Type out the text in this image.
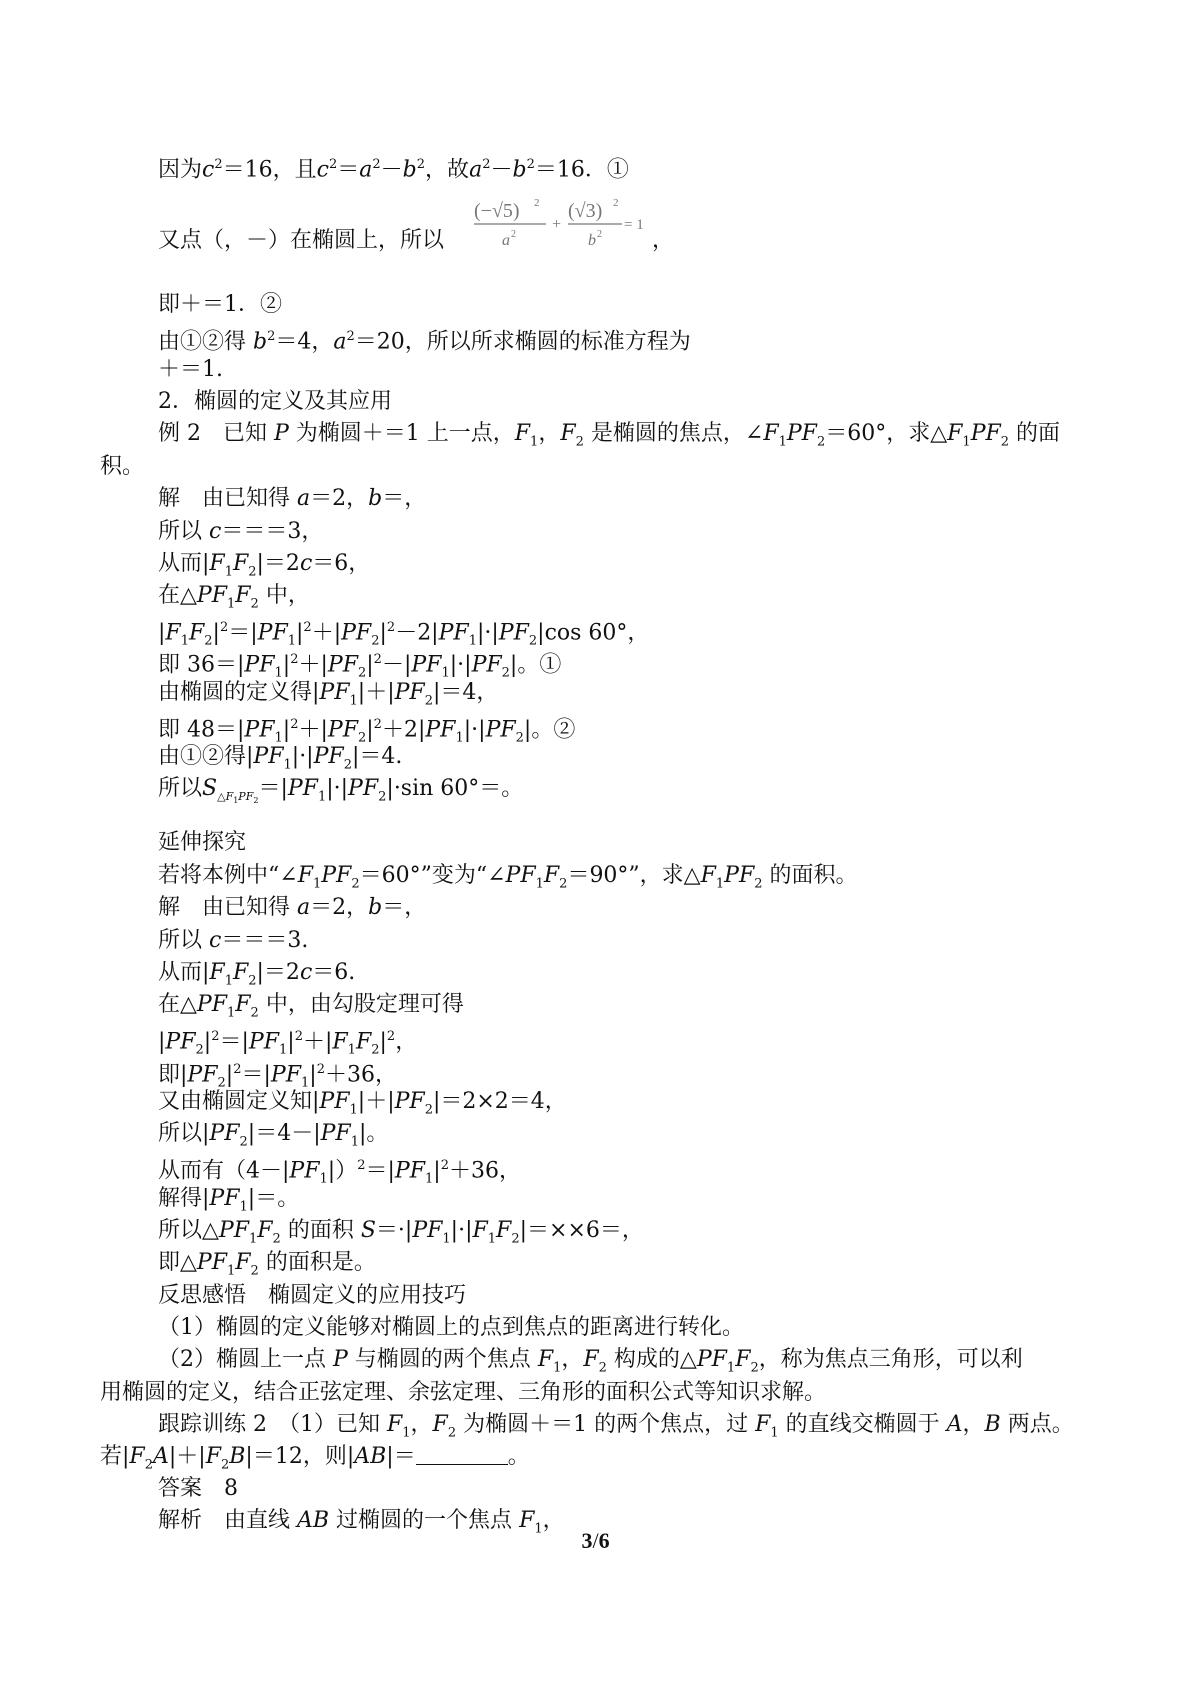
因为$c^2=16$，且$c^2=a^2-b^2$，故$a^2-b^2=16$．①
又点（，－）在椭圆上，所以
(−√5) 2
a 2
+
(√3) 2
b 2
= 1
，
即＋＝1．②
由①②得 $b^2=4$，$a^2=20$，所以所求椭圆的标准方程为
＋＝1.
2．椭圆的定义及其应用
例 2　已知 P 为椭圆＋＝1 上一点，$F_1$，$F_2$ 是椭圆的焦点，$\angle F_1PF_2=60^\circ$，求$\triangle F_1PF_2$ 的面
积。
解　由已知得 a＝2，b＝，
所以 c＝＝＝3，
从而$|F_1F_2|=2c=6$，
在$\triangle PF_1F_2$ 中，
$|F_1F_2|^2=|PF_1|^2+|PF_2|^2-2|PF_1|\cdot|PF_2|\cos$ 60°，
即 $36=|PF_1|^2+|PF_2|^2-|PF_1|\cdot|PF_2|$。①
由椭圆的定义得$|PF_1|+|PF_2|=4$，
即 $48=|PF_1|^2+|PF_2|^2+2|PF_1|\cdot|PF_2|$。②
由①②得$|PF_1|\cdot|PF_2|=4$.
所以$S_{\triangle F_1PF_2}=|PF_1|\cdot|PF_2|\cdot\sin$ 60°＝。
延伸探究
若将本例中“$\angle F_1PF_2=60^\circ$”变为“$\angle PF_1F_2=90^\circ$”，求$\triangle F_1PF_2$ 的面积。
解　由已知得 a＝2，b＝，
所以 c＝＝＝3.
从而$|F_1F_2|=2c=6$.
在$\triangle PF_1F_2$ 中，由勾股定理可得
$|PF_2|^2=|PF_1|^2+|F_1F_2|^2$，
即$|PF_2|^2=|PF_1|^2+36$，
又由椭圆定义知$|PF_1|+|PF_2|=2\times 2=4$，
所以$|PF_2|=4-|PF_1|$。
从而有$(4-|PF_1|)^2=|PF_1|^2+36$，
解得$|PF_1|=$。
所以$\triangle PF_1F_2$ 的面积 $S=\cdot|PF_1|\cdot|F_1F_2|=\times\times 6=$，
即$\triangle PF_1F_2$ 的面积是。
反思感悟　椭圆定义的应用技巧
（1）椭圆的定义能够对椭圆上的点到焦点的距离进行转化。
（2）椭圆上一点 P 与椭圆的两个焦点 $F_1$，$F_2$ 构成的$\triangle PF_1F_2$，称为焦点三角形，可以利
用椭圆的定义，结合正弦定理、余弦定理、三角形的面积公式等知识求解。
跟踪训练 2　（1）已知 $F_1$，$F_2$ 为椭圆＋＝1 的两个焦点，过 $F_1$ 的直线交椭圆于 A，B 两点。
若$|F_2A|+|F_2B|=12$，则|AB|＝	。
答案　8
解析　由直线 AB 过椭圆的一个焦点 $F_1$，
3/6
